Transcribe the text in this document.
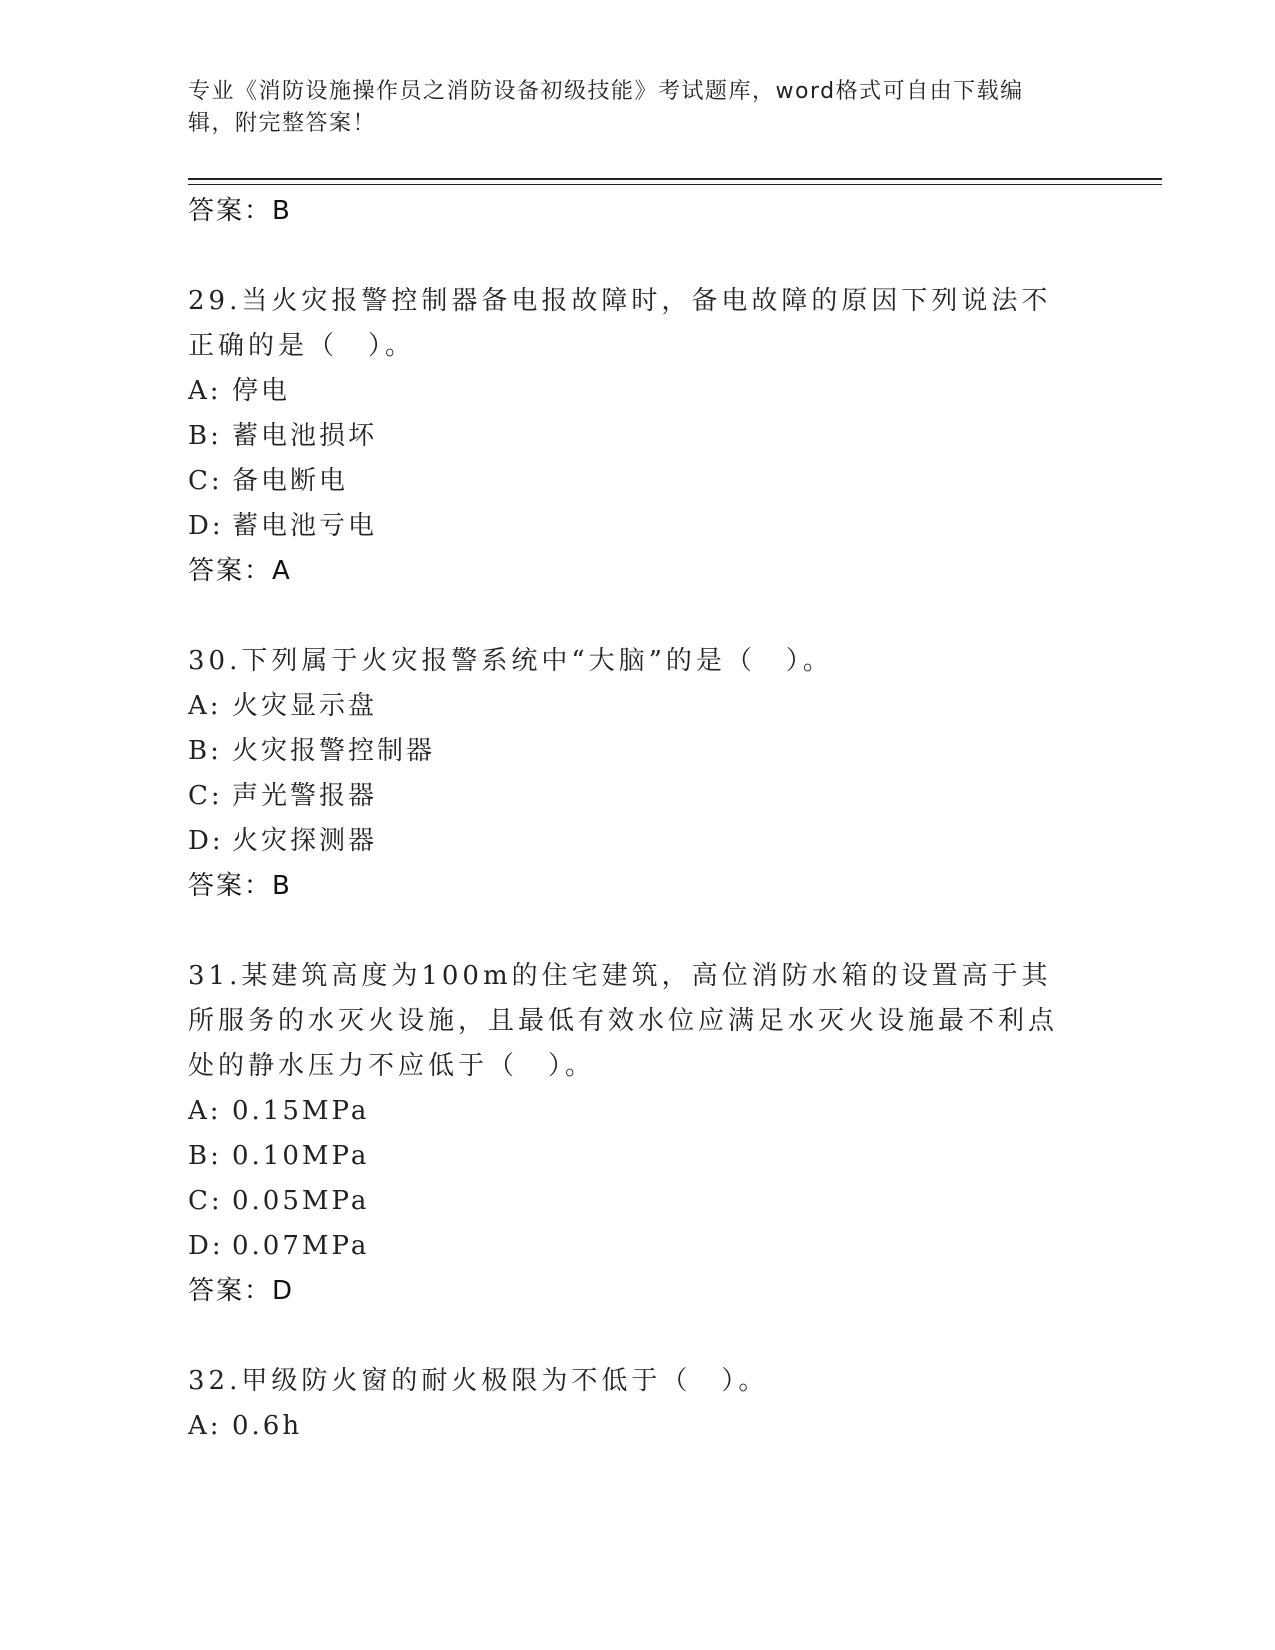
专业《消防设施操作员之消防设备初级技能》考试题库，word格式可自由下载编辑，附完整答案！

答案：B

29.当火灾报警控制器备电报故障时，备电故障的原因下列说法不正确的是（　）。

A: 停电

B: 蓄电池损坏

C: 备电断电

D: 蓄电池亏电

答案：A

30.下列属于火灾报警系统中“大脑”的是（　）。

A: 火灾显示盘

B: 火灾报警控制器

C: 声光警报器

D: 火灾探测器

答案：B

31.某建筑高度为100m的住宅建筑，高位消防水箱的设置高于其所服务的水灭火设施，且最低有效水位应满足水灭火设施最不利点处的静水压力不应低于（　）。

A: 0.15MPa

B: 0.10MPa

C: 0.05MPa

D: 0.07MPa

答案：D

32.甲级防火窗的耐火极限为不低于（　）。

A: 0.6h
